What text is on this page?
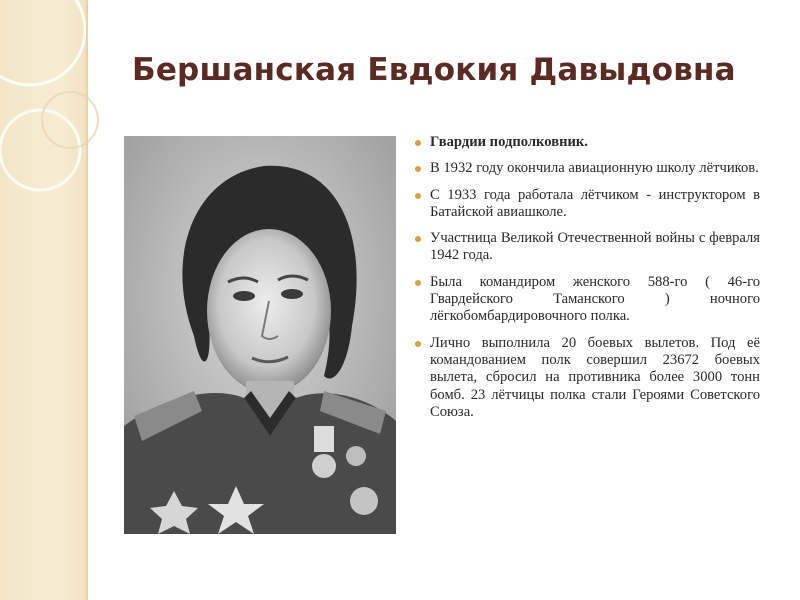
Бершанская Евдокия Давыдовна
Гвардии подполковник.
В 1932 году окончила авиационную школу лётчиков.
С 1933 года работала лётчиком - инструктором в Батайской авиашколе.
Участница Великой Отечественной войны с февраля 1942 года.
Была командиром женского 588-го ( 46-го Гвардейского Таманского ) ночного лёгкобомбардировочного полка.
Лично выполнила 20 боевых вылетов. Под её командованием полк совершил 23672 боевых вылета, сбросил на противника более 3000 тонн бомб. 23 лётчицы полка стали Героями Советского Союза.
